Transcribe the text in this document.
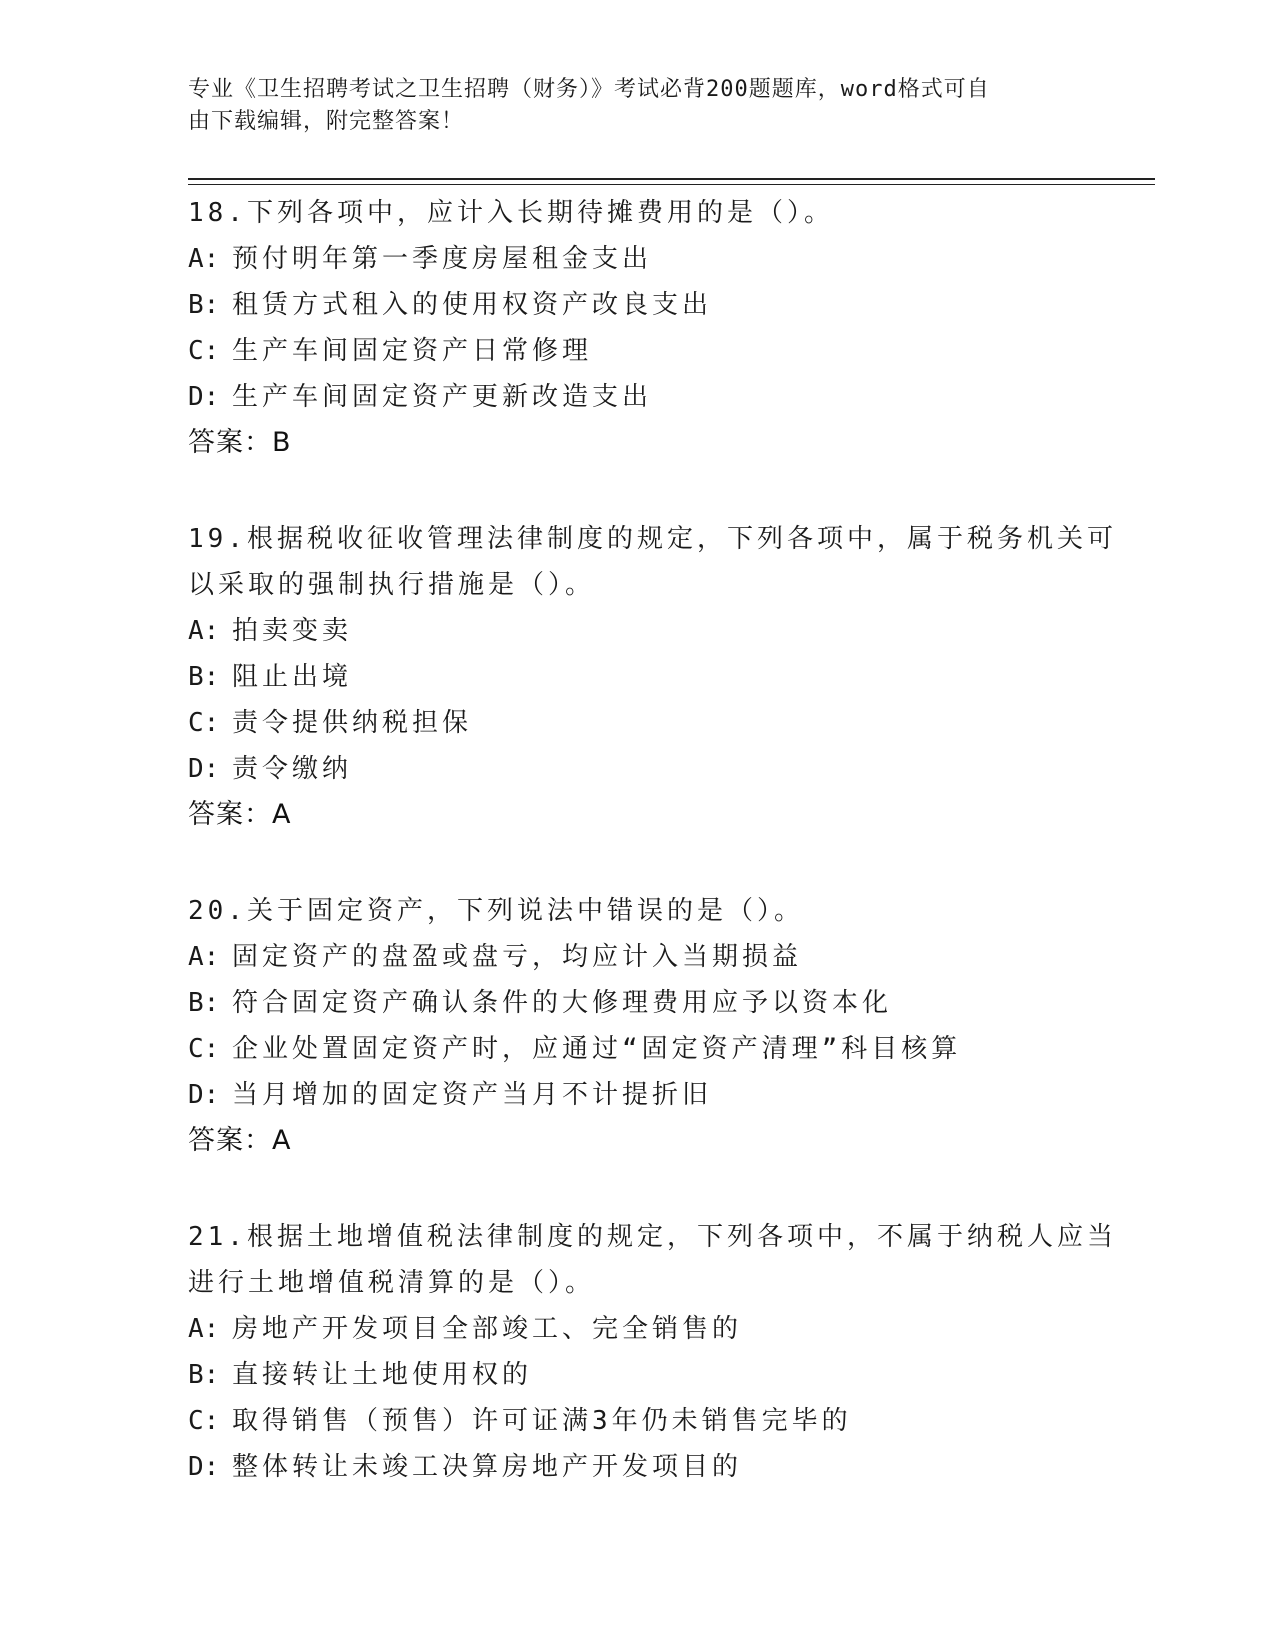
专业《卫生招聘考试之卫生招聘（财务）》考试必背200题题库，word格式可自
由下载编辑，附完整答案！

18.下列各项中，应计入长期待摊费用的是（）。

A: 预付明年第一季度房屋租金支出
B: 租赁方式租入的使用权资产改良支出
C: 生产车间固定资产日常修理
D: 生产车间固定资产更新改造支出
答案：B

19.根据税收征收管理法律制度的规定，下列各项中，属于税务机关可

以采取的强制执行措施是（）。

A: 拍卖变卖
B: 阻止出境
C: 责令提供纳税担保
D: 责令缴纳
答案：A

20.关于固定资产，下列说法中错误的是（）。

A: 固定资产的盘盈或盘亏，均应计入当期损益
B: 符合固定资产确认条件的大修理费用应予以资本化
C: 企业处置固定资产时，应通过“固定资产清理”科目核算
D: 当月增加的固定资产当月不计提折旧
答案：A

21.根据土地增值税法律制度的规定，下列各项中，不属于纳税人应当

进行土地增值税清算的是（）。

A: 房地产开发项目全部竣工、完全销售的
B: 直接转让土地使用权的
C: 取得销售（预售）许可证满3年仍未销售完毕的
D: 整体转让未竣工决算房地产开发项目的
